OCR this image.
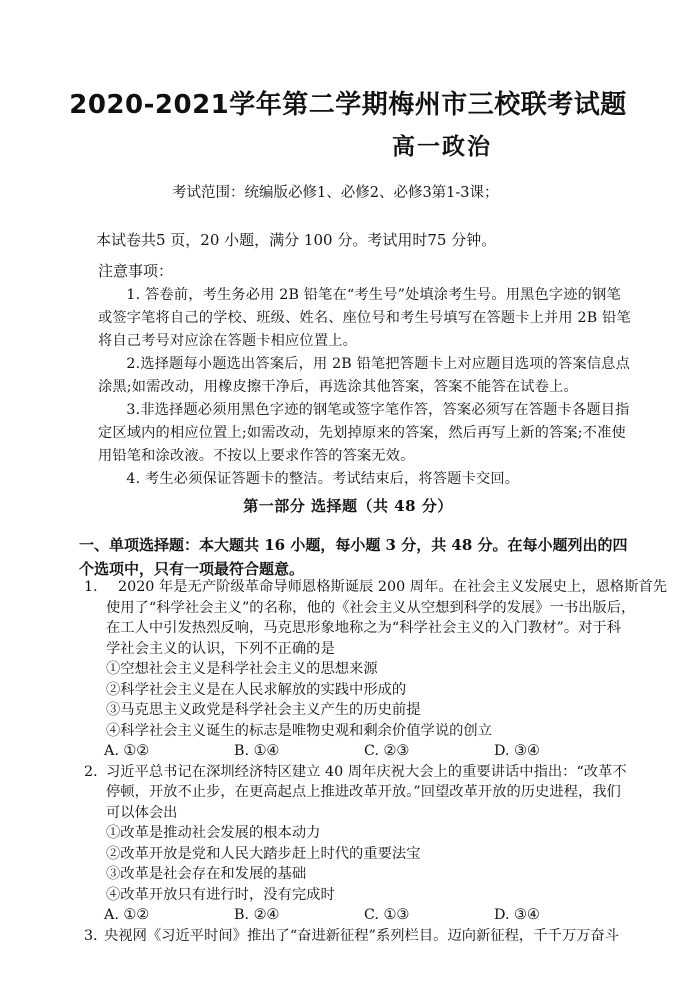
2020-2021学年第二学期梅州市三校联考试题
高一政治
考试范围：统编版必修1、必修2、必修3第1-3课；
本试卷共5 页，20 小题，满分 100 分。考试用时75 分钟。
注意事项：

1. 答卷前，考生务必用 2B 铅笔在“考生号”处填涂考生号。用黑色字迹的钢笔

或签字笔将自己的学校、班级、姓名、座位号和考生号填写在答题卡上并用 2B 铅笔

将自己考号对应涂在答题卡相应位置上。

2.选择题每小题选出答案后，用 2B 铅笔把答题卡上对应题目选项的答案信息点

涂黑;如需改动，用橡皮擦干净后，再选涂其他答案，答案不能答在试卷上。

3.非选择题必须用黑色字迹的钢笔或签字笔作答，答案必须写在答题卡各题目指

定区域内的相应位置上;如需改动，先划掉原来的答案，然后再写上新的答案;不准使

用铅笔和涂改液。不按以上要求作答的答案无效。

4. 考生必须保证答题卡的整洁。考试结束后，将答题卡交回。

第一部分 选择题（共 48 分）
一、单项选择题：本大题共 16 小题，每小题 3 分，共 48 分。在每小题列出的四个选项中，只有一项最符合题意。
1． 2020 年是无产阶级革命导师恩格斯诞辰 200 周年。在社会主义发展史上，恩格斯首先
使用了“科学社会主义”的名称，他的《社会主义从空想到科学的发展》一书出版后，
在工人中引发热烈反响，马克思形象地称之为“科学社会主义的入门教材”。对于科
学社会主义的认识，下列不正确的是
①空想社会主义是科学社会主义的思想来源
②科学社会主义是在人民求解放的实践中形成的
③马克思主义政党是科学社会主义产生的历史前提
④科学社会主义诞生的标志是唯物史观和剩余价值学说的创立
A. ①②	B. ①④	C. ②③	D. ③④
2．
习近平总书记在深圳经济特区建立 40 周年庆祝大会上的重要讲话中指出：“改革不
停顿，开放不止步，在更高起点上推进改革开放。”回望改革开放的历史进程，我们
可以体会出
①改革是推动社会发展的根本动力
②改革开放是党和人民大踏步赶上时代的重要法宝
③改革是社会存在和发展的基础
④改革开放只有进行时，没有完成时
A. ①②	B. ②④	C. ①③	D. ③④
3．
央视网《习近平时间》推出了“奋进新征程”系列栏目。迈向新征程，千千万万奋斗
